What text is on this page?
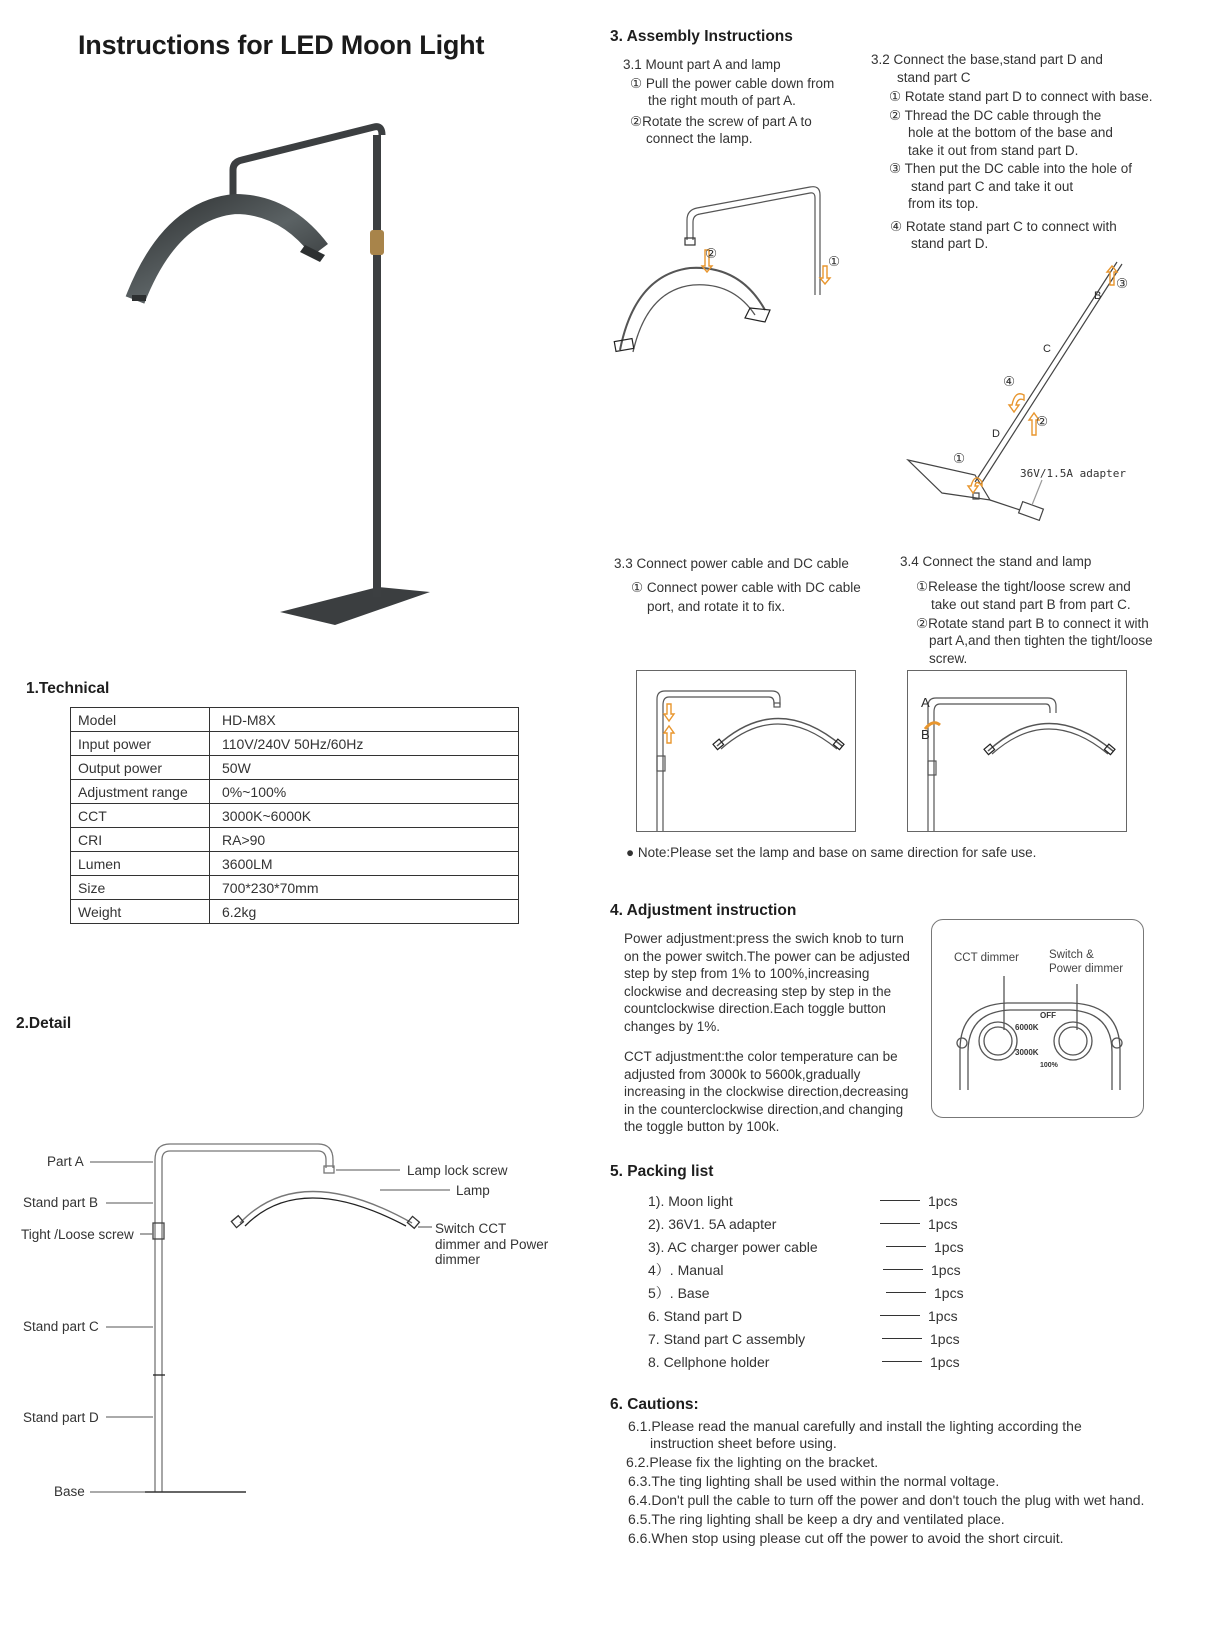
Instructions for LED Moon Light
1.Technical
Model	HD-M8X
Input power	110V/240V 50Hz/60Hz
Output power	50W
Adjustment range	0%~100%
CCT	3000K~6000K
CRI	RA>90
Lumen	3600LM
Size	700*230*70mm
Weight	6.2kg
2.Detail
Part A
Stand part B
Tight /Loose screw
Stand part C
Stand part D
Base
Lamp lock screw
Lamp
Switch CCT
dimmer and Power
dimmer
3. Assembly Instructions

3.1 Mount part A and lamp

① Pull the power cable down from

the right mouth of part A.

②Rotate the screw of part A to

connect the lamp.

②
①

3.2 Connect the base,stand part D and

stand part C

① Rotate stand part D to connect with base.

② Thread the DC cable through the

hole at the bottom of the base and

take it out from stand part D.

③ Then put the DC cable into the hole of

stand part C and take it out

from its top.

④ Rotate stand part C to connect with

stand part D.

③
B
C
④
②
D
①
36V/1.5A adapter

3.3 Connect power cable and DC cable

① Connect power cable with DC cable

port, and rotate it to fix.

3.4 Connect the stand and lamp

①Release the tight/loose screw and

take out stand part B from part C.

②Rotate stand part B to connect it with

part A,and then tighten the tight/loose

screw.

A
B
● Note:Please set the lamp and base on same direction for safe use.
4. Adjustment instruction

Power adjustment:press the swich knob to turn

on the power switch.The power can be adjusted

step by step from 1% to 100%,increasing

clockwise and decreasing step by step in the

countclockwise direction.Each toggle button

changes by 1%.

CCT adjustment:the color temperature can be

adjusted from 3000k to 5600k,gradually

increasing in the clockwise direction,decreasing

in the counterclockwise direction,and changing

the toggle button by 100k.

CCT dimmer	Switch &
Power dimmer
6000K
3000K
OFF
100%
5. Packing list
1). Moon light	1pcs
2). 36V1. 5A adapter	1pcs
3). AC charger power cable	1pcs
4）. Manual	1pcs
5）. Base	1pcs
6. Stand part D	1pcs
7. Stand part C assembly	1pcs
8. Cellphone holder	1pcs
6. Cautions:

6.1.Please read the manual carefully and install the lighting according the

instruction sheet before using.

6.2.Please fix the lighting on the bracket.

6.3.The ting lighting shall be used within the normal voltage.

6.4.Don't pull the cable to turn off the power and don't touch the plug with wet hand.

6.5.The ring lighting shall be keep a dry and ventilated place.

6.6.When stop using please cut off the power to avoid the short circuit.
